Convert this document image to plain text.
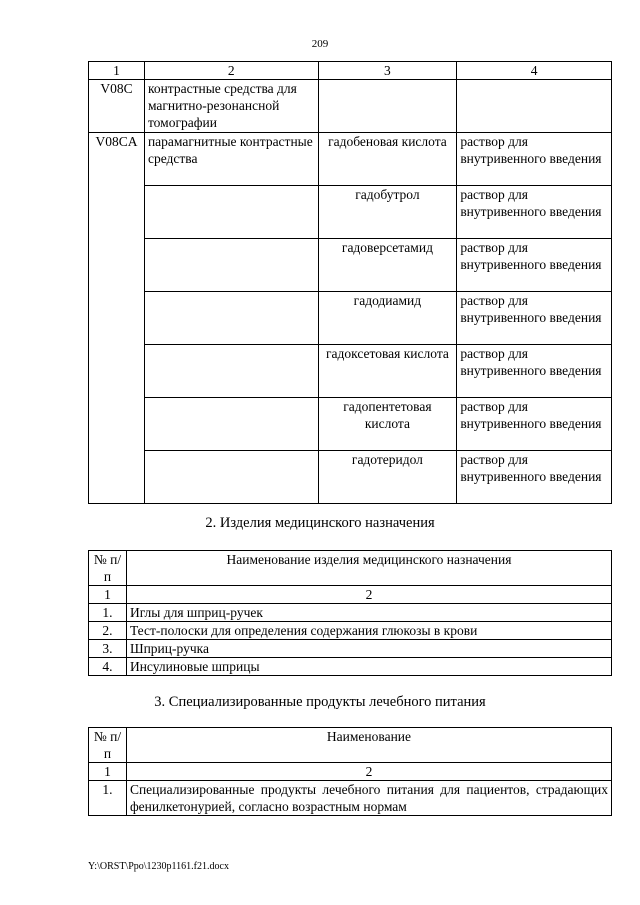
209
1	2	3	4
V08C	контрастные средства для магнитно-резонансной томографии		
V08CA	парамагнитные контрастные средства	гадобеновая кислота	раствор для внутривенного введения
		гадобутрол	раствор для внутривенного введения
		гадоверсетамид	раствор для внутривенного введения
		гадодиамид	раствор для внутривенного введения
		гадоксетовая кислота	раствор для внутривенного введения
		гадопентетовая кислота	раствор для внутривенного введения
		гадотеридол	раствор для внутривенного введения
2. Изделия медицинского назначения
№ п/п	Наименование изделия медицинского назначения
1	2
1.	Иглы для шприц-ручек
2.	Тест-полоски для определения содержания глюкозы в крови
3.	Шприц-ручка
4.	Инсулиновые шприцы
3. Специализированные продукты лечебного питания
№ п/п	Наименование
1	2
1.	Специализированные продукты лечебного питания для пациентов, страдающих фенилкетонурией, согласно возрастным нормам
Y:\ORST\Ppo\1230p1161.f21.docx
